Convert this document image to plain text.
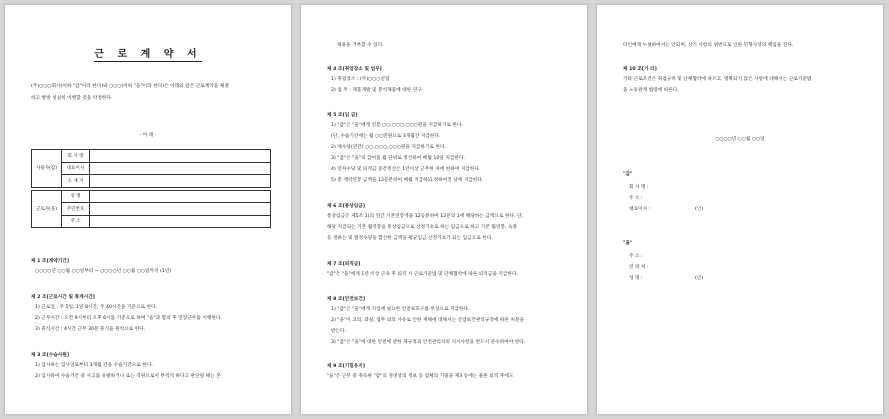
근 로 계 약 서
(주)○○○회사(이하 "갑"이라 한다)와 ○○○(이하 "을"이라 한다)은 아래와 같은 근로계약을 체결
하고 쌍방 성실히 이행할 것을 약정한다.
- 아 래 -
사용자(갑)	회 사 명	
	대표이사	
	소 재 지	

근로자(을)	성 명	
	주민번호	
	주 소	
제 1 조[계약기간]
○○○○년 ○○월 ○○일부터 ~ ○○○○년 ○○월 ○○일까지 (1년)
제 2 조[근로시간 및 휴게시간]
1) 근로일 : 주 5일, 1일 8시간, 주 40시간을 기준으로 한다.
2) 근무시간 : 오전 9시부터 오후 6시를 기준으로 하며 "을"과 합의 후 연장근무를 이행한다.
3) 휴식시간 : 4시간 근무 30분 휴식을 원칙으로 한다.
제 3 조[수습사원]
1) 입사하는 입사일로부터 3개월 간을 수습기간으로 한다.
2) 입사하여 수습기간 중 사고를 유발하거나 또는 직원으로서 부적격 하다고 판단될 때는 본
채용을 거부할 수 있다.
제 4 조[취업장소 및 업무]
1) 취업장소 : (주)○○○신업
2) 업 무 : 제품개발 및 분석제품에 대한 연구
제 5 조[임 금]
1) "갑"은 "을"에게 연봉 ○○,○○○,○○○원을 지급하기로 한다.
(단, 수습기간에는 월 ○○만원으로 3개월간 지급한다.
2) 제수당(연간) ○○,○○○,○○○원을 지급하기로 한다.
3) "갑"은 "을"의 급여를 월 단위로 정산하여 매월 10일 지급한다.
4) 연차수당 및 퇴직금 중간정산은 1년이상 근무한 자에 한하여 지급한다.
5) 총 계약연봉 금액을 12등분하여 매월 지급하되 정하여진 날에 지급한다.
제 6 조[통상임금]
통상임금은 제5조 1)의 연간 기본연봉액을 12등분하여 12분의 1에 해당하는 금액으로 한다. 단,
해당 지급되는 기본 월연봉을 통상임금으로 산정기초로 하는 임금으로 하고 기본 월연봉, 숙종
등 정하는 및 법정수당을 합산한 금액을 평균임금 산정기초가 되는 임금으로 한다.
제 7 조[퇴직금]
"갑"은 "을"에게 1년 이상 근속 후 퇴직 시 근로기준법 및 단체협약에 따른 퇴직금을 지급한다.
제 8 조[안전보건]
1) "갑"은 "을"에게 지업에 필요한 안전보호구를 무상으로 지급한다.
2) "을"이 고의, 과실, 업무 외의 사유로 인한 재해에 대해서는 산업보건관리규정에 따른 처분을
받는다.
3) "갑"은 "을"에 대한 안전에 관한 제규정과 안전관리자의 지시사항을 반드시 준수하여야 한다.
제 9 조[기밀유지]
"을"은 근무 중 취득한 "갑"의 경영상의 정보 등 업체의 기밀을 제3 등에는 물론 퇴직 후에도
타인에게 누설하여서는 안되며, 상기 사항의 위반으로 인한 민형사상의 책임을 진다.
제 10 조[기 타]
기타 근로조건은 취업규칙 및 단체협약에 따르고, 명확되지 않은 사항에 대해서는 근로기준법
을 노동관계 법령에 따른다.
○○○○년 ○○월 ○○일
"갑"
회 사 명 :
주 소 :
대표이사 :	(인)
"을"
주 소 :
연 락 처 :
성 명 :	(인)
